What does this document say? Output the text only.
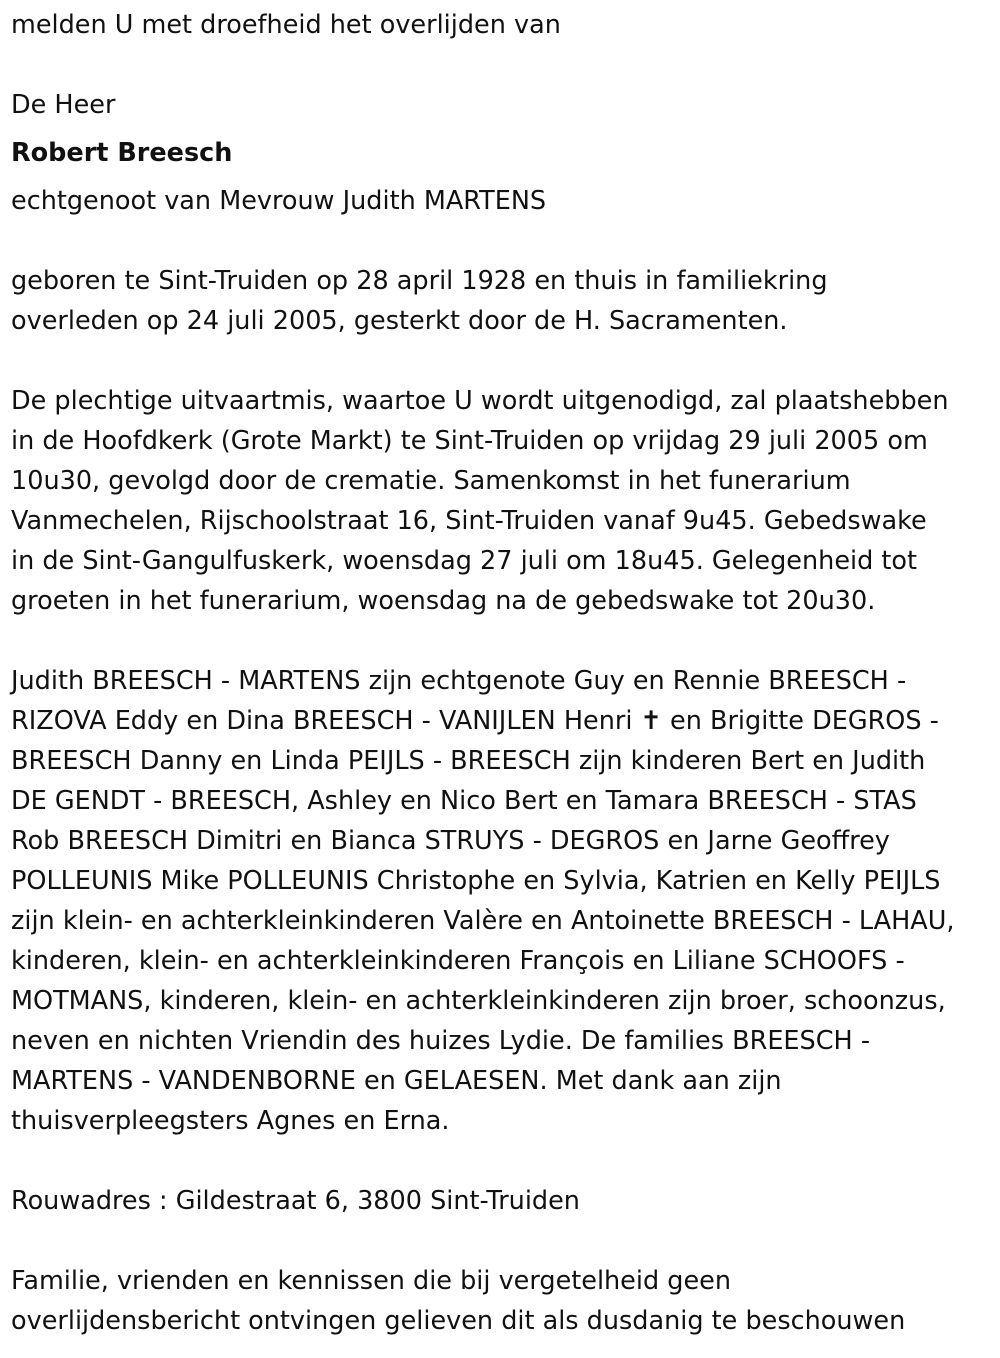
melden U met droefheid het overlijden van

De Heer

Robert Breesch

echtgenoot van Mevrouw Judith MARTENS

geboren te Sint-Truiden op 28 april 1928 en thuis in familiekring

overleden op 24 juli 2005, gesterkt door de H. Sacramenten.

De plechtige uitvaartmis, waartoe U wordt uitgenodigd, zal plaatshebben

in de Hoofdkerk (Grote Markt) te Sint-Truiden op vrijdag 29 juli 2005 om

10u30, gevolgd door de crematie. Samenkomst in het funerarium

Vanmechelen, Rijschoolstraat 16, Sint-Truiden vanaf 9u45. Gebedswake

in de Sint-Gangulfuskerk, woensdag 27 juli om 18u45. Gelegenheid tot

groeten in het funerarium, woensdag na de gebedswake tot 20u30.

Judith BREESCH - MARTENS zijn echtgenote Guy en Rennie BREESCH -

RIZOVA Eddy en Dina BREESCH - VANIJLEN Henri ✝ en Brigitte DEGROS -

BREESCH Danny en Linda PEIJLS - BREESCH zijn kinderen Bert en Judith

DE GENDT - BREESCH, Ashley en Nico Bert en Tamara BREESCH - STAS

Rob BREESCH Dimitri en Bianca STRUYS - DEGROS en Jarne Geoffrey

POLLEUNIS Mike POLLEUNIS Christophe en Sylvia, Katrien en Kelly PEIJLS

zijn klein- en achterkleinkinderen Valère en Antoinette BREESCH - LAHAU,

kinderen, klein- en achterkleinkinderen François en Liliane SCHOOFS -

MOTMANS, kinderen, klein- en achterkleinkinderen zijn broer, schoonzus,

neven en nichten Vriendin des huizes Lydie. De families BREESCH -

MARTENS - VANDENBORNE en GELAESEN. Met dank aan zijn

thuisverpleegsters Agnes en Erna.

Rouwadres : Gildestraat 6, 3800 Sint-Truiden

Familie, vrienden en kennissen die bij vergetelheid geen

overlijdensbericht ontvingen gelieven dit als dusdanig te beschouwen
